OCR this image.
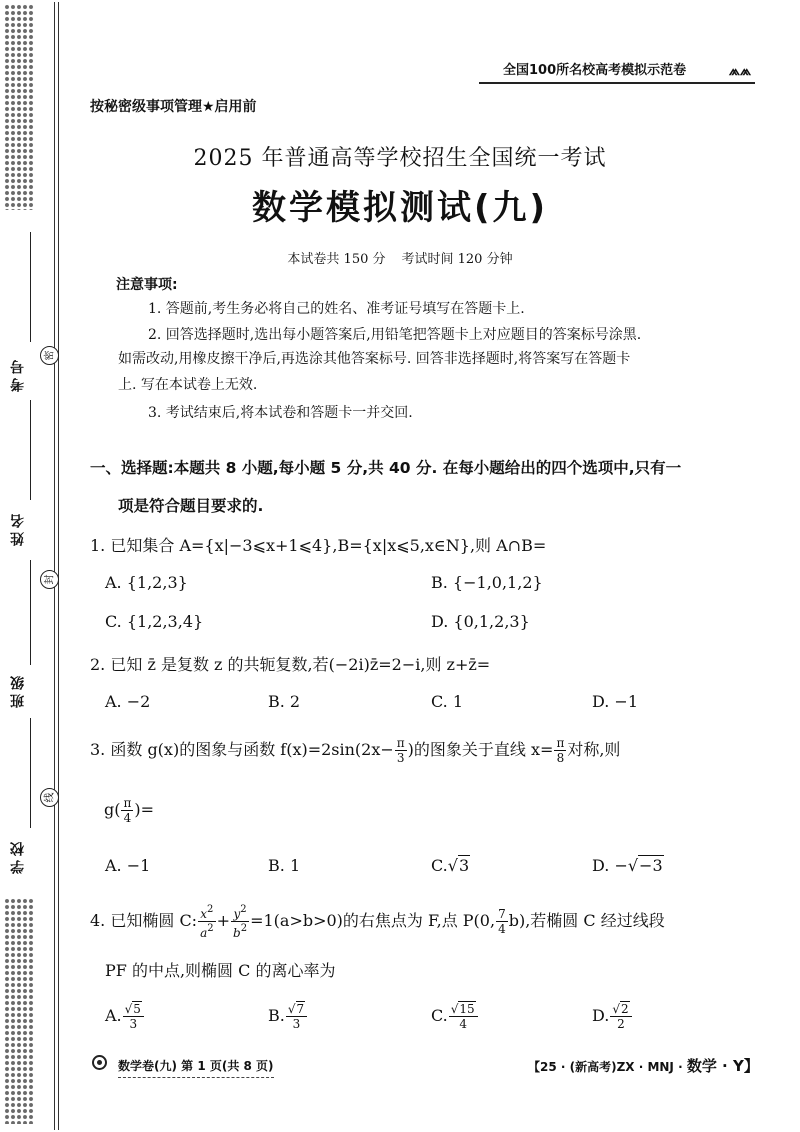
考号
姓名
班级
学校
密
封
线
全国100所名校高考模拟示范卷	⩕⩕
按秘密级事项管理★启用前
2025 年普通高等学校招生全国统一考试
数学模拟测试(九)
本试卷共 150 分 考试时间 120 分钟
注意事项:
1. 答题前,考生务必将自己的姓名、准考证号填写在答题卡上.
2. 回答选择题时,选出每小题答案后,用铅笔把答题卡上对应题目的答案标号涂黑.
如需改动,用橡皮擦干净后,再选涂其他答案标号. 回答非选择题时,将答案写在答题卡
上. 写在本试卷上无效.
3. 考试结束后,将本试卷和答题卡一并交回.
一、选择题:本题共 8 小题,每小题 5 分,共 40 分. 在每小题给出的四个选项中,只有一
项是符合题目要求的.
1. 已知集合 A={x|−3⩽x+1⩽4},B={x|x⩽5,x∈N},则 A∩B=
A. {1,2,3}	B. {−1,0,1,2}
C. {1,2,3,4}	D. {0,1,2,3}
2. 已知 z̄ 是复数 z 的共轭复数,若(−2i)z̄=2−i,则 z+z̄=
A. −2	B. 2	C. 1	D. −1
3. 函数 g(x)的图象与函数 $f(x)=2\sin(2x- \frac{\pi}{3}$ )的图象关于直线 $x= \frac{\pi}{8}$ 对称,则
$g( \frac{\pi}{4}$ )=
A. −1	B. 1	C.√3	D. −√−3
4. 已知椭圆 C: $\frac{x^2}{a^2} + \frac{y^2}{b^2} =1(a>b>0)$的右焦点为 F,点 P(0, $\frac{7}{4} b$),若椭圆 C 经过线段
PF 的中点,则椭圆 C 的离心率为
A. $\frac{√5}{3}$	B. $\frac{√7}{3}$	C. $\frac{√15}{4}$	D. $\frac{√2}{2}$
数学卷(九) 第 1 页(共 8 页)	【25 · (新高考)ZX · MNJ · 数学 · Y】
